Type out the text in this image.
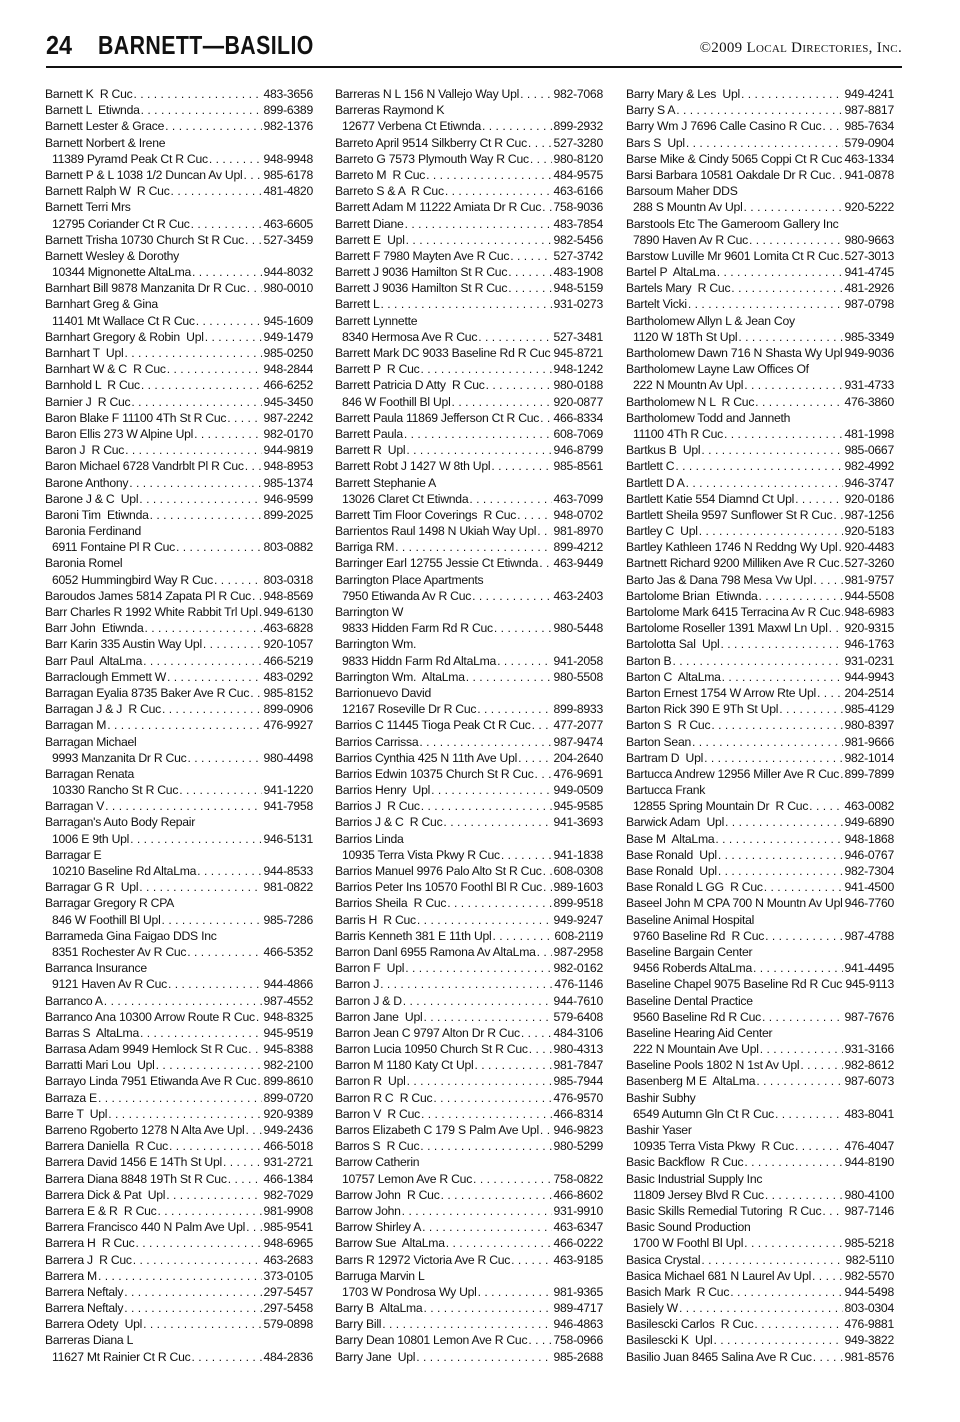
24 BARNETT—BASILIO	©2009 Local Directories, Inc.
Barnett K  R Cuc . . .	483-3656
Barnett L  Etiwnda . . .	899-6389
Barnett Lester & Grace . . .	982-1376
Barnett Norbert & Irene
11389 Pyramd Peak Ct R Cuc . . .	948-9948
Barnett P & L 1038 1/2 Duncan Av Upl . . . 985-6178
Barnett Ralph W  R Cuc . . .	481-4820
Barnett Terri Mrs
12795 Coriander Ct R Cuc . . .	463-6605
Barnett Trisha 10730 Church St R Cuc . . . 527-3459
Barnett Wesley & Dorothy
10344 Mignonette AltaLma . . .	944-8032
Barnhart Bill 9878 Manzanita Dr R Cuc . . . 980-0010
Barnhart Greg & Gina
11401 Mt Wallace Ct R Cuc . . .	945-1609
Barnhart Gregory & Robin  Upl . . .	949-1479
Barnhart T  Upl . . .	985-0250
Barnhart W & C  R Cuc . . .	948-2844
Barnhold L  R Cuc . . .	466-6252
Barnier J  R Cuc . . .	945-3450
Baron Blake F 11100 4Th St R Cuc . . .	987-2242
Baron Ellis 273 W Alpine Upl . . .	982-0170
Baron J  R Cuc . . .	944-9819
Baron Michael 6728 Vandrblt Pl R Cuc . . . 948-8953
Barone Anthony . . .	985-1374
Barone J & C  Upl . . .	946-9599
Baroni Tim  Etiwnda . . .	899-2025
Baronia Ferdinand
6911 Fontaine Pl R Cuc . . .	803-0882
Baronia Romel
6052 Hummingbird Way R Cuc . . .	803-0318
Baroudos James 5814 Zapata Pl R Cuc . . . 948-8569
Barr Charles R 1992 White Rabbit Trl Upl . . . 949-6130
Barr John  Etiwnda . . .	463-6828
Barr Karin 335 Austin Way Upl . . .	920-1057
Barr Paul  AltaLma . . .	466-5219
Barraclough Emmett W . . .	483-0292
Barragan Eyalia 8735 Baker Ave R Cuc . . . 985-8152
Barragan J & J  R Cuc . . .	899-0906
Barragan M . . .	476-9927
Barragan Michael
9993 Manzanita Dr R Cuc . . .	980-4498
Barragan Renata
10330 Rancho St R Cuc . . .	941-1220
Barragan V . . .	941-7958
Barragan's Auto Body Repair
1006 E 9th Upl . . .	946-5131
Barragar E
10210 Baseline Rd AltaLma . . .	944-8533
Barragar G R  Upl . . .	981-0822
Barragar Gregory R CPA
846 W Foothill Bl Upl . . .	985-7286
Barrameda Gina Faigao DDS Inc
8351 Rochester Av R Cuc . . .	466-5352
Barranca Insurance
9121 Haven Av R Cuc . . .	944-4866
Barranco A . . .	987-4552
Barranco Ana 10300 Arrow Route R Cuc . . . 948-8325
Barras S  AltaLma . . .	945-9519
Barrasa Adam 9949 Hemlock St R Cuc . . . 945-8388
Barratti Mari Lou  Upl . . .	982-2100
Barrayo Linda 7951 Etiwanda Ave R Cuc . . . 899-8610
Barraza E . . .	899-0720
Barre T  Upl . . .	920-9389
Barreno Rgoberto 1278 N Alta Ave Upl . . . 949-2436
Barrera Daniella  R Cuc . . .	466-5018
Barrera David 1456 E 14Th St Upl . . .	931-2721
Barrera Diana 8848 19Th St R Cuc . . .	466-1384
Barrera Dick & Pat  Upl . . .	982-7029
Barrera E & R  R Cuc . . .	981-9908
Barrera Francisco 440 N Palm Ave Upl . . . 985-9541
Barrera H  R Cuc . . .	948-6965
Barrera J  R Cuc . . .	463-2683
Barrera M . . .	373-0105
Barrera Neftaly . . .	297-5457
Barrera Neftaly . . .	297-5458
Barrera Odety  Upl . . .	579-0898
Barreras Diana L
11627 Mt Rainier Ct R Cuc . . .	484-2836
Barreras N L 156 N Vallejo Way Upl . . .	982-7068
Barreras Raymond K
12677 Verbena Ct Etiwnda . . .	899-2932
Barreto April 9514 Silkberry Ct R Cuc . . . 527-3280
Barreto G 7573 Plymouth Way R Cuc . . . 980-8120
Barreto M  R Cuc . . .	484-9575
Barreto S & A  R Cuc . . .	463-6166
Barrett Adam M 11222 Amiata Dr R Cuc . . . 758-9036
Barrett Diane . . .	483-7854
Barrett E  Upl . . .	982-5456
Barrett F 7980 Mayten Ave R Cuc . . .	527-3742
Barrett J 9036 Hamilton St R Cuc . . .	483-1908
Barrett J 9036 Hamilton St R Cuc . . .	948-5159
Barrett L . . .	931-0273
Barrett Lynnette
8340 Hermosa Ave R Cuc . . .	527-3481
Barrett Mark DC 9033 Baseline Rd R Cuc . . . 945-8721
Barrett P  R Cuc . . .	948-1242
Barrett Patricia D Atty  R Cuc . . .	980-0188
846 W Foothill Bl Upl . . .	920-0877
Barrett Paula 11869 Jefferson Ct R Cuc . . . 466-8334
Barrett Paula . . .	608-7069
Barrett R  Upl . . .	946-8799
Barrett Robt J 1427 W 8th Upl . . .	985-8561
Barrett Stephanie A
13026 Claret Ct Etiwnda . . .	463-7099
Barrett Tim Floor Coverings  R Cuc . . .	948-0702
Barrientos Raul 1498 N Ukiah Way Upl . . . 981-8970
Barriga RM . . .	899-4212
Barringer Earl 12755 Jessie Ct Etiwnda . . . 463-9449
Barrington Place Apartments
7950 Etiwanda Av R Cuc . . .	463-2403
Barrington W
9833 Hidden Farm Rd R Cuc . . .	980-5448
Barrington Wm.
9833 Hiddn Farm Rd AltaLma . . .	941-2058
Barrington Wm.  AltaLma . . .	980-5508
Barrionuevo David
12167 Roseville Dr R Cuc . . .	899-8933
Barrios C 11445 Tioga Peak Ct R Cuc . . . 477-2077
Barrios Carrissa . . .	987-9474
Barrios Cynthia 425 N 11th Ave Upl . . .	204-2640
Barrios Edwin 10375 Church St R Cuc . . . 476-9691
Barrios Henry  Upl . . .	949-0509
Barrios J  R Cuc . . .	945-9585
Barrios J & C  R Cuc . . .	941-3693
Barrios Linda
10935 Terra Vista Pkwy R Cuc . . .	941-1838
Barrios Manuel 9976 Palo Alto St R Cuc . . . 608-0308
Barrios Peter Ins 10570 Foothl Bl R Cuc . . . 989-1603
Barrios Sheila  R Cuc . . .	899-9518
Barris H  R Cuc . . .	949-9247
Barris Kenneth 381 E 11th Upl . . .	608-2119
Barron Danl 6955 Ramona Av AltaLma . . . 987-2958
Barron F  Upl . . .	982-0162
Barron J . . .	476-1146
Barron J & D . . .	944-7610
Barron Jane  Upl . . .	579-6408
Barron Jean C 9797 Alton Dr R Cuc . . .	484-3106
Barron Lucia 10950 Church St R Cuc . . . 980-4313
Barron M 1180 Katy Ct Upl . . .	981-7847
Barron R  Upl . . .	985-7944
Barron R C  R Cuc . . .	476-9570
Barron V  R Cuc . . .	466-8314
Barros Elizabeth C 179 S Palm Ave Upl . . . 946-9823
Barros S  R Cuc . . .	980-5299
Barrow Catherin
10757 Lemon Ave R Cuc . . .	758-0822
Barrow John  R Cuc . . .	466-8602
Barrow John . . .	931-9910
Barrow Shirley A . . .	463-6347
Barrow Sue  AltaLma . . .	466-0222
Barrs R 12972 Victoria Ave R Cuc . . .	463-9185
Barruga Marvin L
1703 W Pondrosa Wy Upl . . .	981-9365
Barry B  AltaLma . . .	989-4717
Barry Bill . . .	946-4863
Barry Dean 10801 Lemon Ave R Cuc . . . 758-0966
Barry Jane  Upl . . .	985-2688
Barry Mary & Les  Upl . . .	949-4241
Barry S A . . .	987-8817
Barry Wm J 7696 Calle Casino R Cuc . . . 985-7634
Bars S  Upl . . .	579-0904
Barse Mike & Cindy 5065 Coppi Ct R Cuc . . . 463-1334
Barsi Barbara 10581 Oakdale Dr R Cuc . . . 941-0878
Barsoum Maher DDS
288 S Mountn Av Upl . . .	920-5222
Barstools Etc The Gameroom Gallery Inc
7890 Haven Av R Cuc . . .	980-9663
Barstow Luville Mr 9601 Lomita Ct R Cuc . . . 527-3013
Bartel P  AltaLma . . .	941-4745
Bartels Mary  R Cuc . . .	481-2926
Bartelt Vicki . . .	987-0798
Bartholomew Allyn L & Jean Coy
1120 W 18Th St Upl . . .	985-3349
Bartholomew Dawn 716 N Shasta Wy Upl . . . 949-9036
Bartholomew Layne Law Offices Of
222 N Mountn Av Upl . . .	931-4733
Bartholomew N L  R Cuc . . .	476-3860
Bartholomew Todd and Janneth
11100 4Th R Cuc . . .	481-1998
Bartkus B  Upl . . .	985-0667
Bartlett C . . .	982-4992
Bartlett D A . . .	946-3747
Bartlett Katie 554 Diamnd Ct Upl . . .	920-0186
Bartlett Sheila 9597 Sunflower St R Cuc . . . 987-1256
Bartley C  Upl . . .	920-5183
Bartley Kathleen 1746 N Reddng Wy Upl . . . 920-4483
Bartnett Richard 9200 Milliken Ave R Cuc . . . 527-3260
Barto Jas & Dana 798 Mesa Vw Upl . . .	981-9757
Bartolome Brian  Etiwnda . . .	944-5508
Bartolome Mark 6415 Terracina Av R Cuc . . . 948-6983
Bartolome Roseller 1391 Maxwl Ln Upl . . . 920-9315
Bartolotta Sal  Upl . . .	946-1763
Barton B . . .	931-0231
Barton C  AltaLma . . .	944-9943
Barton Ernest 1754 W Arrow Rte Upl . . . 204-2514
Barton Rick 390 E 9Th St Upl . . .	985-4129
Barton S  R Cuc . . .	980-8397
Barton Sean . . .	981-9666
Bartram D  Upl . . .	982-1014
Bartucca Andrew 12956 Miller Ave R Cuc . . . 899-7899
Bartucca Frank
12855 Spring Mountain Dr  R Cuc . . .	463-0082
Barwick Adam  Upl . . .	949-6890
Base M  AltaLma . . .	948-1868
Base Ronald  Upl . . .	946-0767
Base Ronald  Upl . . .	982-7304
Base Ronald L GG  R Cuc . . .	941-4500
Baseel John M CPA 700 N Mountn Av Upl 946-7760
Baseline Animal Hospital
9760 Baseline Rd  R Cuc . . .	987-4788
Baseline Bargain Center
9456 Roberds AltaLma . . .	941-4495
Baseline Chapel 9075 Baseline Rd R Cuc . . . 945-9113
Baseline Dental Practice
9560 Baseline Rd R Cuc . . .	987-7676
Baseline Hearing Aid Center
222 N Mountain Ave Upl . . .	931-3166
Baseline Pools 1802 N 1st Av Upl . . .	982-8612
Basenberg M E  AltaLma . . .	987-6073
Bashir Subhy
6549 Autumn Gln Ct R Cuc . . .	483-8041
Bashir Yaser
10935 Terra Vista Pkwy  R Cuc . . .	476-4047
Basic Backflow  R Cuc . . .	944-8190
Basic Industrial Supply Inc
11809 Jersey Blvd R Cuc . . .	980-4100
Basic Skills Remedial Tutoring  R Cuc . . . 987-7146
Basic Sound Production
1700 W Foothl Bl Upl . . .	985-5218
Basica Crystal . . .	982-5110
Basica Michael 681 N Laurel Av Upl . . .	982-5570
Basich Mark  R Cuc . . .	944-5498
Basiely W . . .	803-0304
Basilescki Carlos  R Cuc . . .	476-9881
Basilescki K  Upl . . .	949-3822
Basilio Juan 8465 Salina Ave R Cuc . . .	981-8576
